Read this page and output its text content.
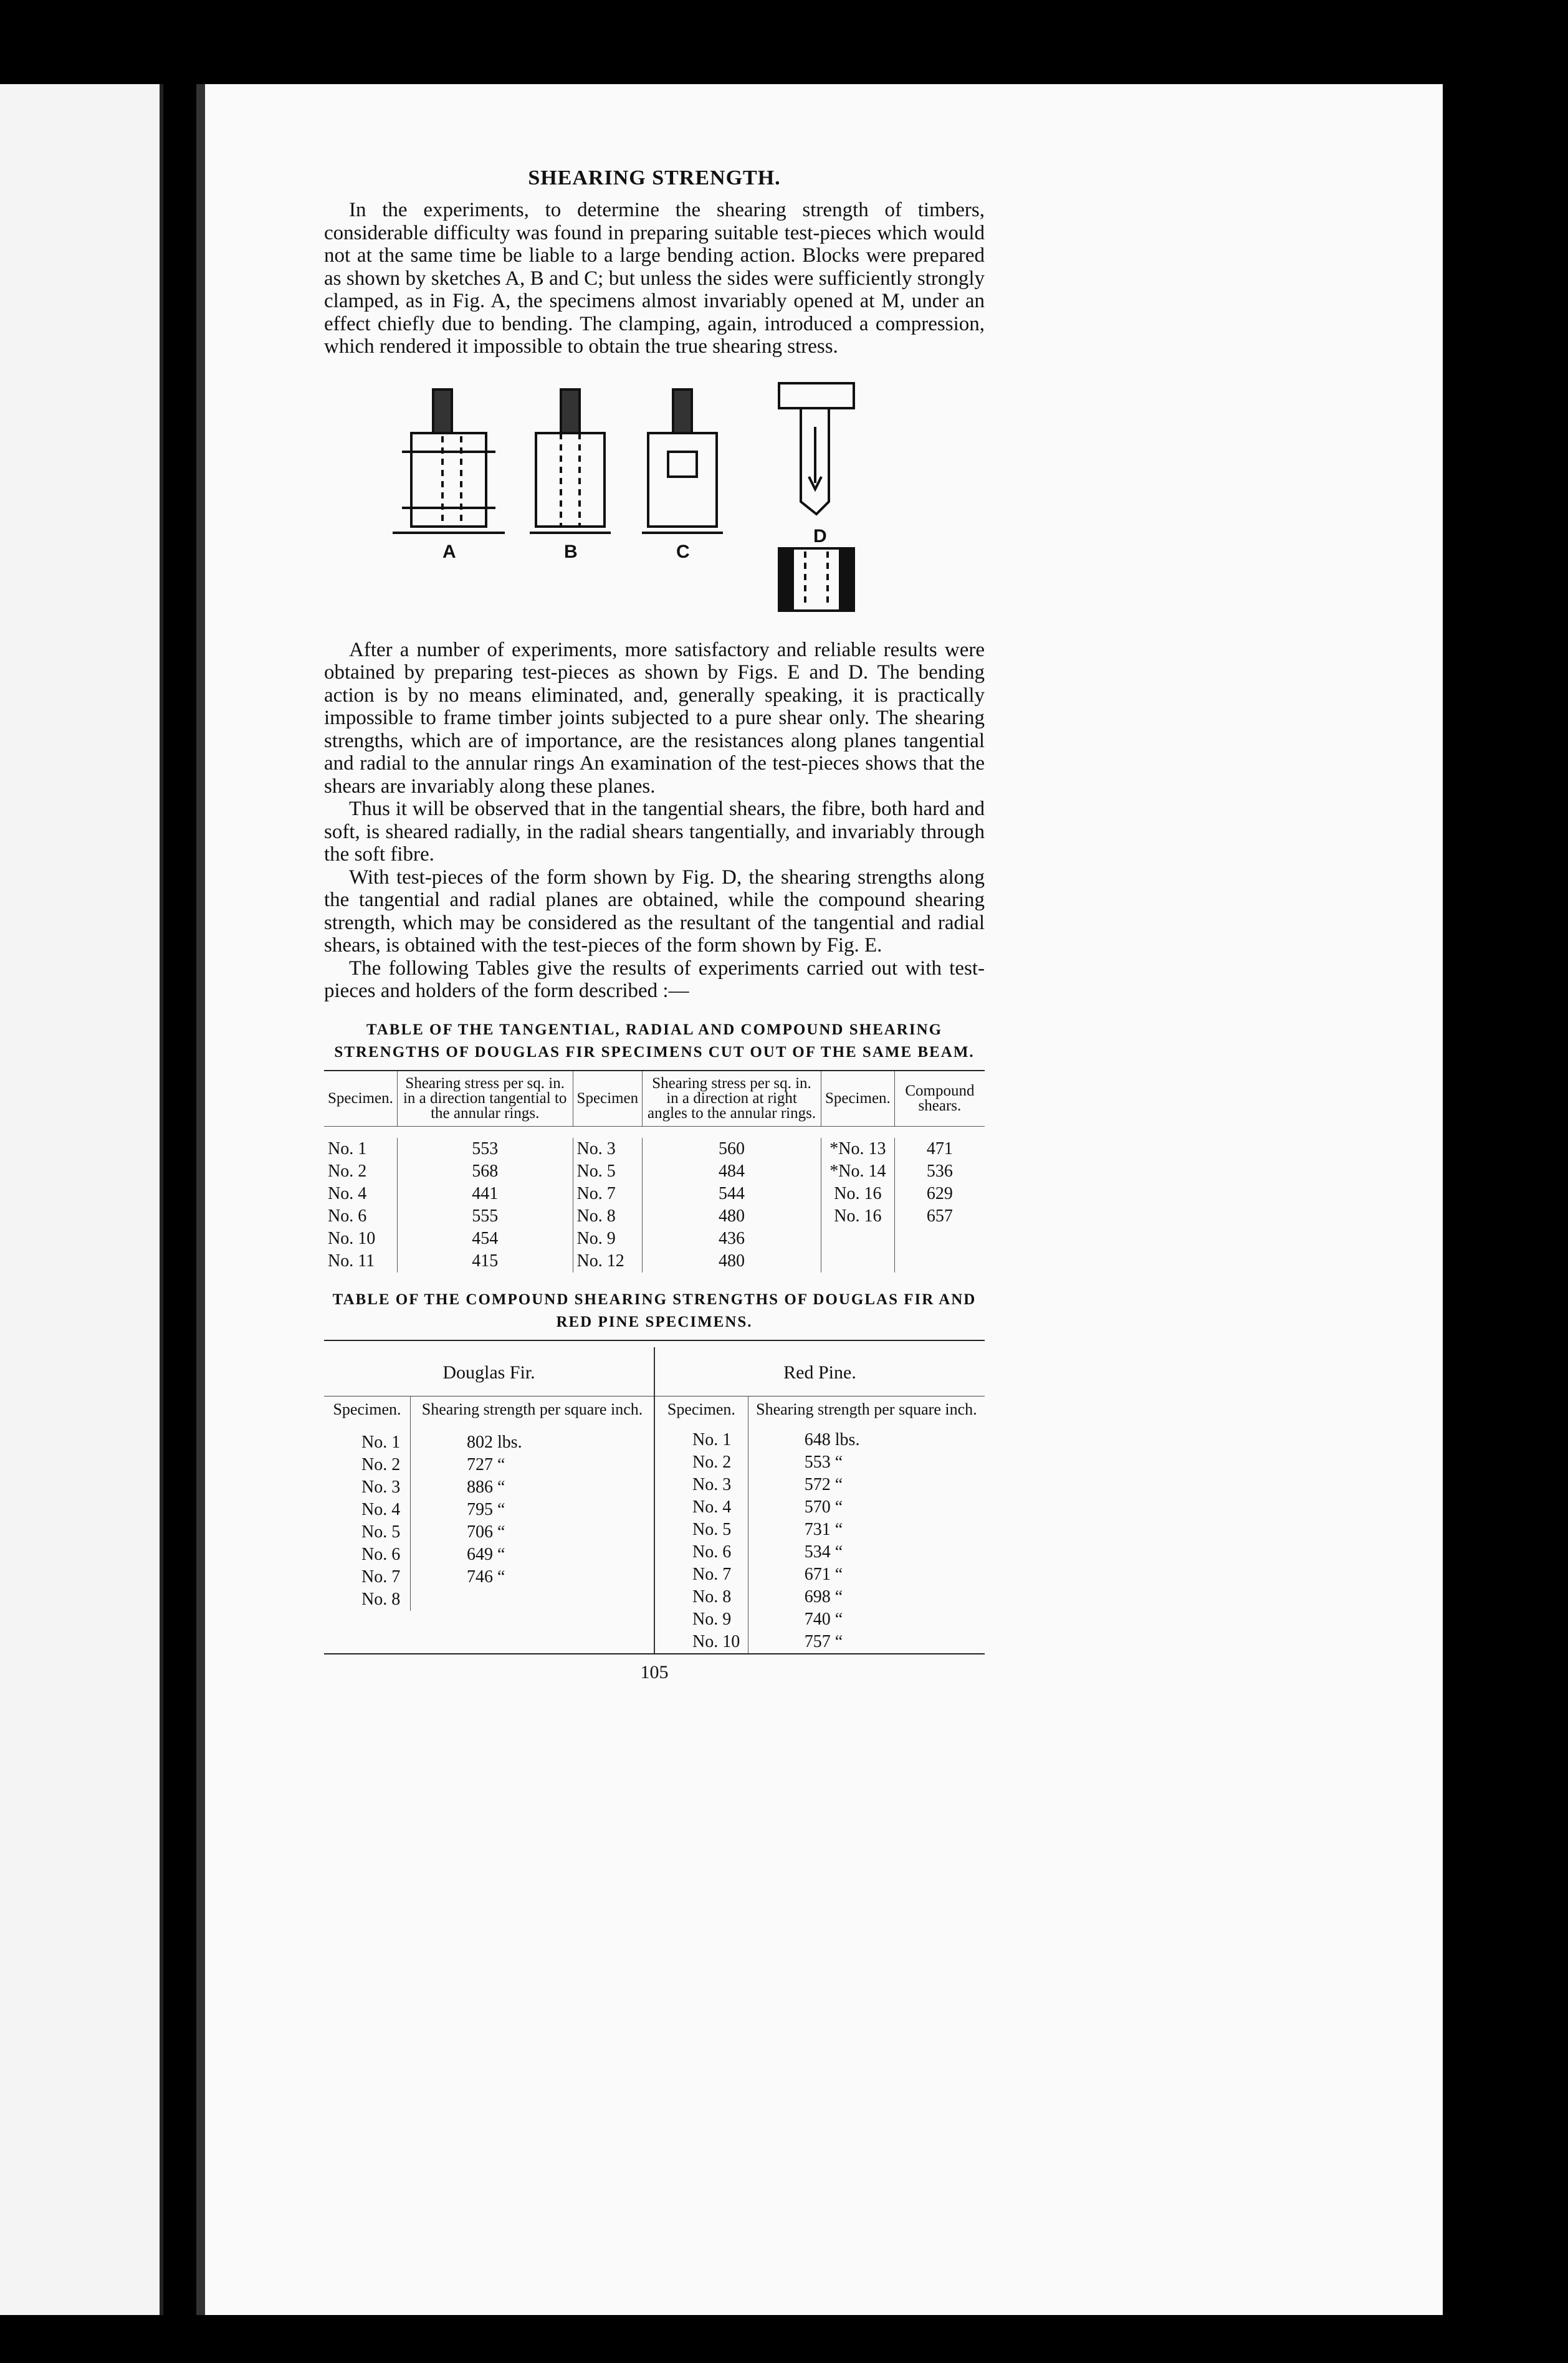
SHEARING STRENGTH.

In the experiments, to determine the shearing strength of timbers, considerable difficulty was found in preparing suitable test-pieces which would not at the same time be liable to a large bending action. Blocks were prepared as shown by sketches A, B and C; but unless the sides were sufficiently strongly clamped, as in Fig. A, the specimens almost invariably opened at M, under an effect chiefly due to bending. The clamping, again, introduced a compression, which rendered it impossible to obtain the true shearing stress.

A	B	C
D

After a number of experiments, more satisfactory and reliable results were obtained by preparing test-pieces as shown by Figs. E and D. The bending action is by no means eliminated, and, generally speaking, it is practically impossible to frame timber joints subjected to a pure shear only. The shearing strengths, which are of importance, are the resistances along planes tangential and radial to the annular rings An examination of the test-pieces shows that the shears are invariably along these planes.

Thus it will be observed that in the tangential shears, the fibre, both hard and soft, is sheared radially, in the radial shears tangentially, and invariably through the soft fibre.

With test-pieces of the form shown by Fig. D, the shearing strengths along the tangential and radial planes are obtained, while the compound shearing strength, which may be considered as the resultant of the tangential and radial shears, is obtained with the test-pieces of the form shown by Fig. E.

The following Tables give the results of experiments carried out with test-pieces and holders of the form described :—

TABLE OF THE TANGENTIAL, RADIAL AND COMPOUND SHEARING STRENGTHS OF DOUGLAS FIR SPECIMENS CUT OUT OF THE SAME BEAM.
Specimen.	Shearing stress per sq. in. in a direction tangential to the annular rings.	Specimen	Shearing stress per sq. in. in a direction at right angles to the annular rings.	Specimen.	Compound shears.

No. 1	553	No. 3	560	*No. 13	471
No. 2	568	No. 5	484	*No. 14	536
No. 4	441	No. 7	544	No. 16	629
No. 6	555	No. 8	480	No. 16	657
No. 10	454	No. 9	436		
No. 11	415	No. 12	480		
TABLE OF THE COMPOUND SHEARING STRENGTHS OF DOUGLAS FIR AND RED PINE SPECIMENS.
Douglas Fir.
Specimen.	Shearing strength per square inch.

No. 1	802 lbs.
No. 2	727 “
No. 3	886 “
No. 4	795 “
No. 5	706 “
No. 6	649 “
No. 7	746 “
No. 8	
Red Pine.
Specimen.	Shearing strength per square inch.

No. 1	648 lbs.
No. 2	553 “
No. 3	572 “
No. 4	570 “
No. 5	731 “
No. 6	534 “
No. 7	671 “
No. 8	698 “
No. 9	740 “
No. 10	757 “
105
